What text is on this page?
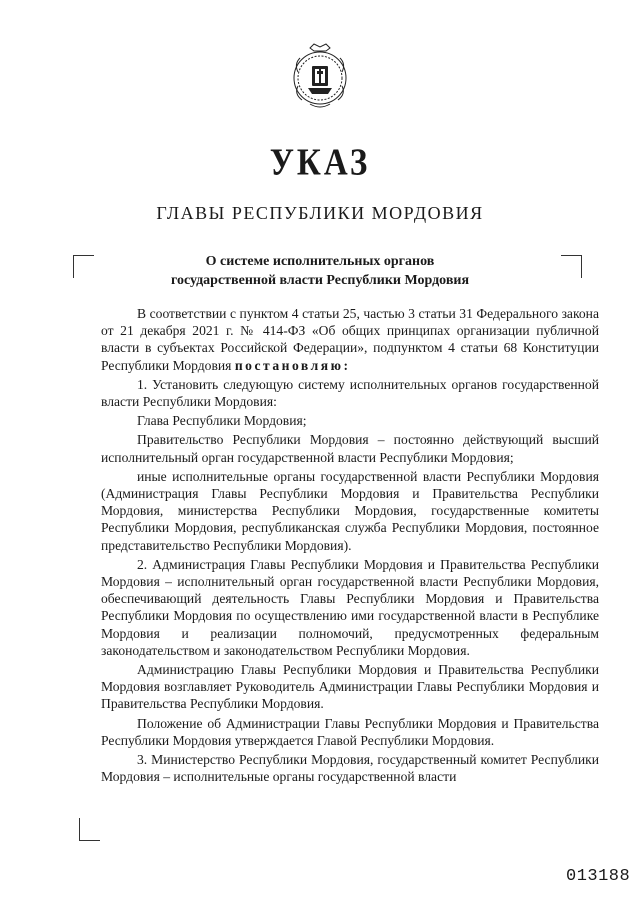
УКАЗ
ГЛАВЫ РЕСПУБЛИКИ МОРДОВИЯ
О системе исполнительных органов
государственной власти Республики Мордовия

В соответствии с пунктом 4 статьи 25, частью 3 статьи 31 Федерального закона от 21 декабря 2021 г. № 414-ФЗ «Об общих принципах организации публичной власти в субъектах Российской Федерации», подпунктом 4 статьи 68 Конституции Республики Мордовия постановляю:

1. Установить следующую систему исполнительных органов государственной власти Республики Мордовия:

Глава Республики Мордовия;

Правительство Республики Мордовия – постоянно действующий высший исполнительный орган государственной власти Республики Мордовия;

иные исполнительные органы государственной власти Республики Мордовия (Администрация Главы Республики Мордовия и Правительства Республики Мордовия, министерства Республики Мордовия, государственные комитеты Республики Мордовия, республиканская служба Республики Мордовия, постоянное представительство Республики Мордовия).

2. Администрация Главы Республики Мордовия и Правительства Республики Мордовия – исполнительный орган государственной власти Республики Мордовия, обеспечивающий деятельность Главы Республики Мордовия и Правительства Республики Мордовия по осуществлению ими государственной власти в Республике Мордовия и реализации полномочий, предусмотренных федеральным законодательством и законодательством Республики Мордовия.

Администрацию Главы Республики Мордовия и Правительства Республики Мордовия возглавляет Руководитель Администрации Главы Республики Мордовия и Правительства Республики Мордовия.

Положение об Администрации Главы Республики Мордовия и Правительства Республики Мордовия утверждается Главой Республики Мордовия.

3. Министерство Республики Мордовия, государственный комитет Республики Мордовия – исполнительные органы государственной власти

013188
